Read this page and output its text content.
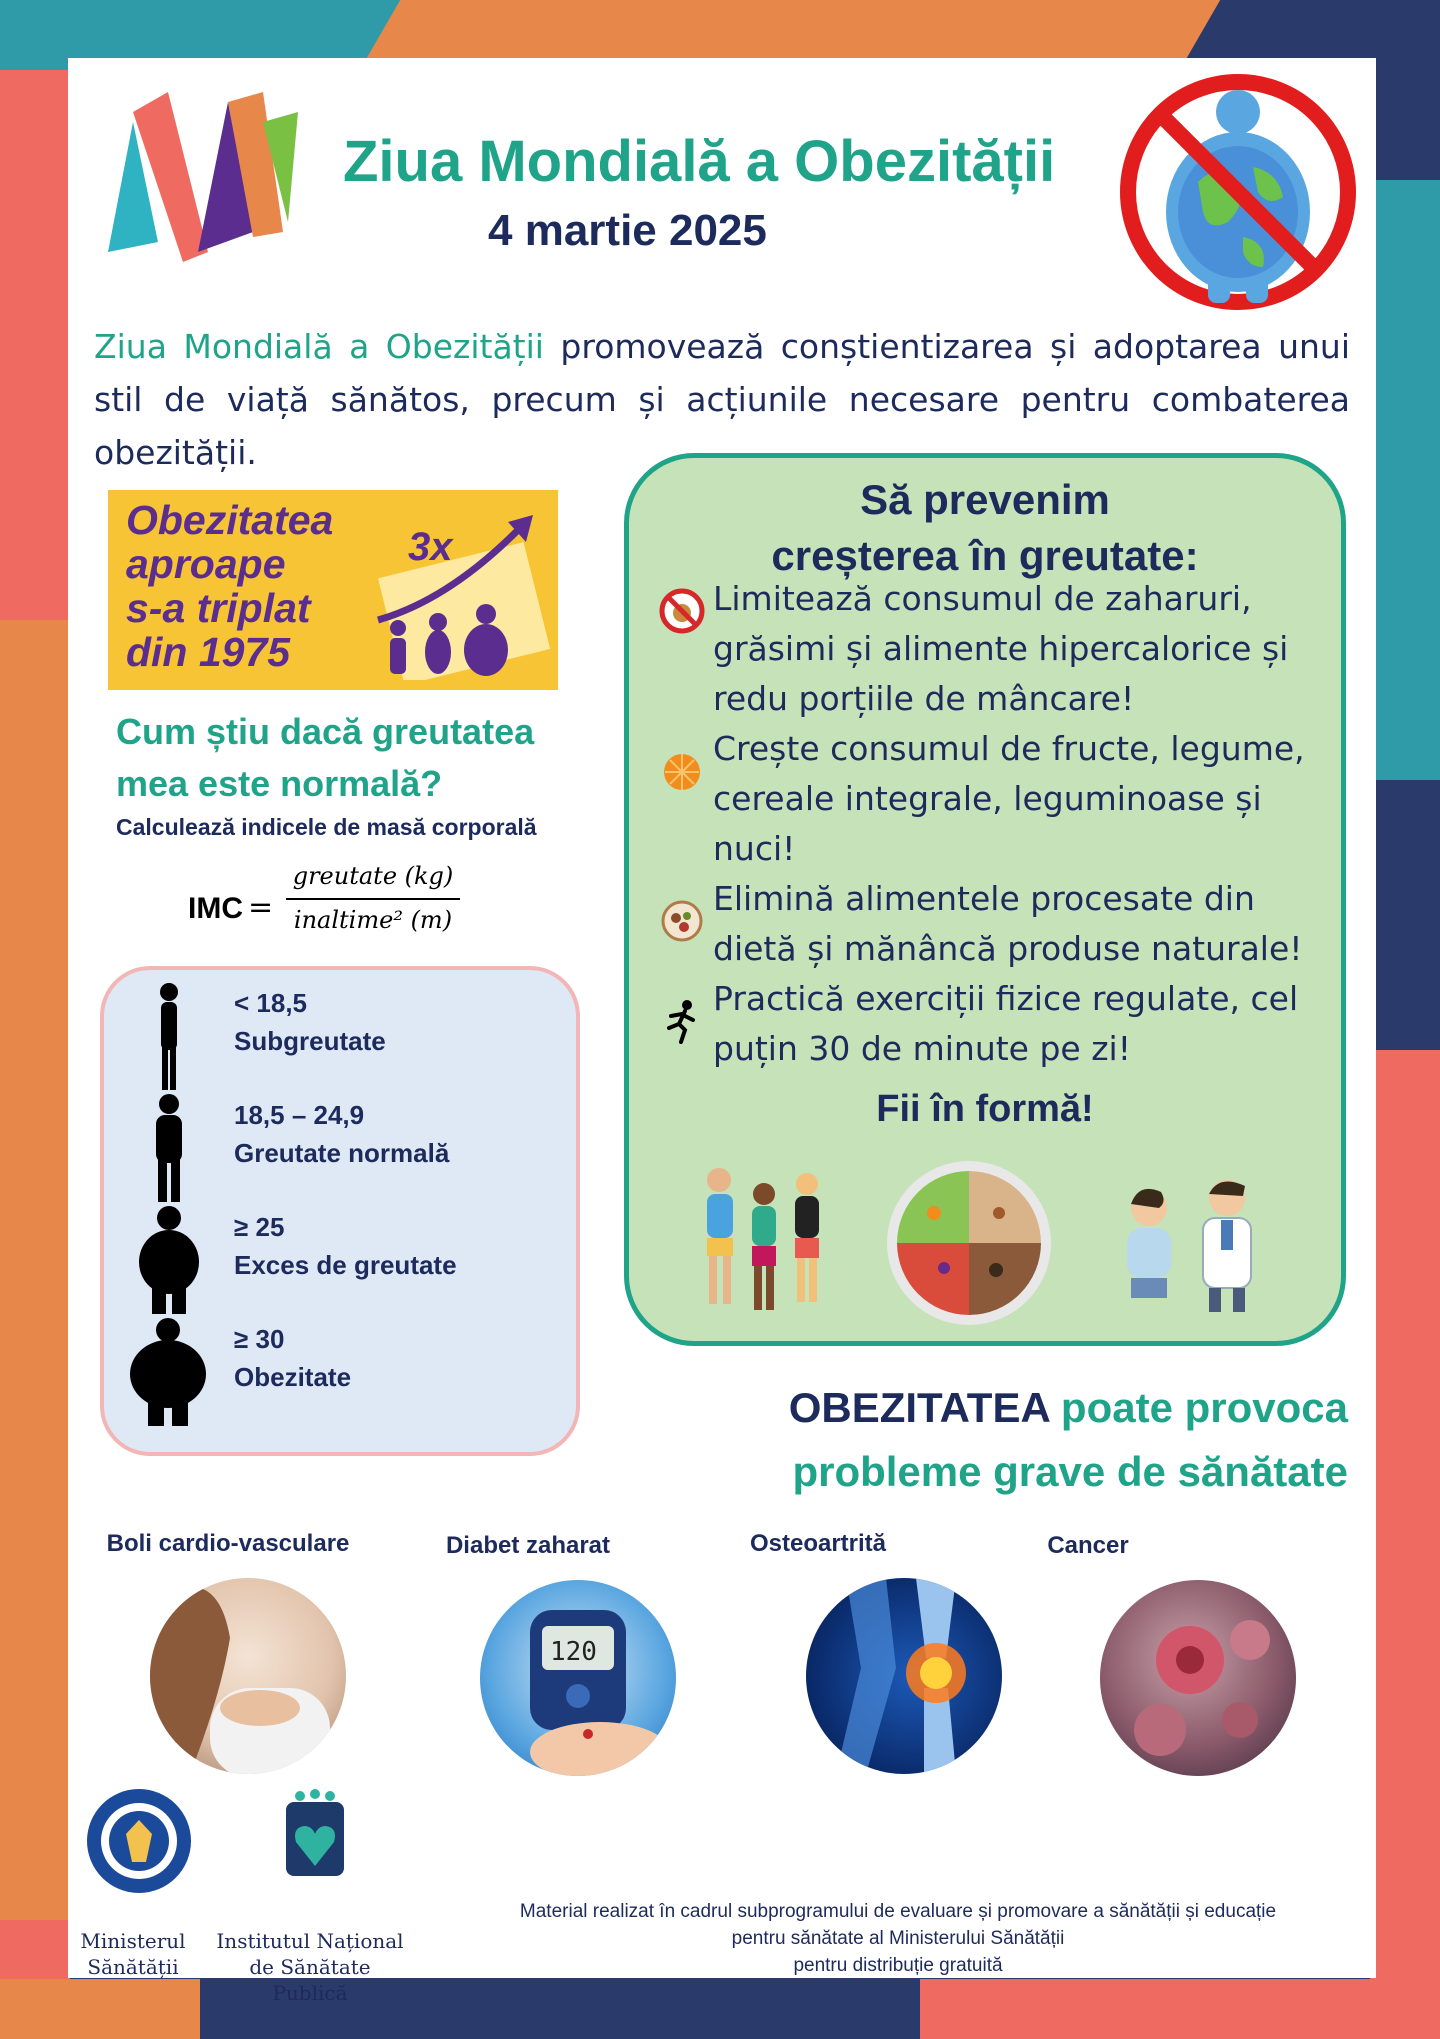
Ziua Mondială a Obezității
4 martie 2025
Ziua Mondială a Obezității promovează conștientizarea și adoptarea unui stil de viață sănătos, precum și acțiunile necesare pentru combaterea obezității.
Obezitatea
aproape
s-a triplat
din 1975
3x
Cum știu dacă greutatea
mea este normală?
Calculează indicele de masă corporală
IMC =
greutate (kg)
inaltime² (m)
< 18,5
Subgreutate
18,5 – 24,9
Greutate normală
≥ 25
Exces de greutate
≥ 30
Obezitate
Să prevenim
creșterea în greutate:
Limitează consumul de zaharuri, grăsimi și alimente hipercalorice și redu porțiile de mâncare!
Crește consumul de fructe, legume, cereale integrale, leguminoase și nuci!
Elimină alimentele procesate din dietă și mănâncă produse naturale!
Practică exerciții fizice regulate, cel puțin 30 de minute pe zi!
Fii în formă!
OBEZITATEA poate provoca
probleme grave de sănătate
Boli cardio-vasculare	Diabet zaharat
120
Osteoartrită	Cancer
Ministerul
Sănătății
Institutul Național
de Sănătate Publică
Material realizat în cadrul subprogramului de evaluare și promovare a sănătății și educație
pentru sănătate al Ministerului Sănătății
pentru distribuție gratuită
